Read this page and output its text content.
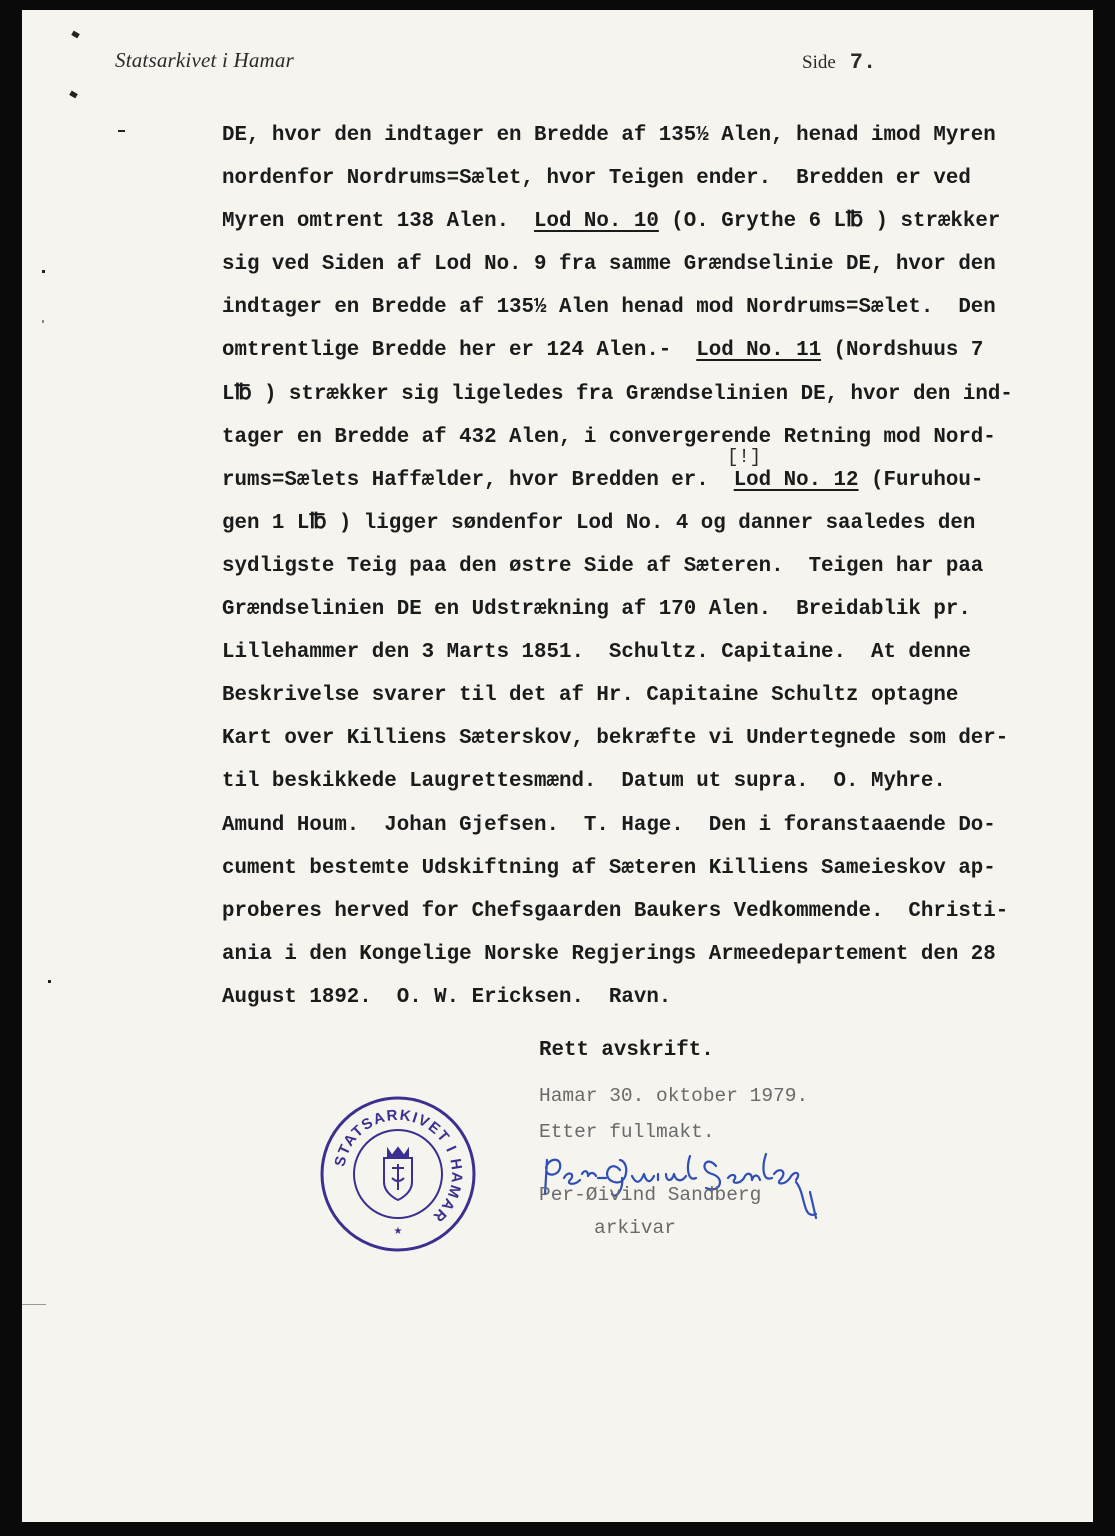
Statsarkivet i Hamar	Side 7.
DE, hvor den indtager en Bredde af 135½ Alen, henad imod Myren
nordenfor Nordrums=Sælet, hvor Teigen ender.  Bredden er ved
Myren omtrent 138 Alen.  Lod No. 10 (O. Grythe 6 L℔ ) strækker
sig ved Siden af Lod No. 9 fra samme Grændselinie DE, hvor den
indtager en Bredde af 135½ Alen henad mod Nordrums=Sælet.  Den
omtrentlige Bredde her er 124 Alen.-  Lod No. 11 (Nordshuus 7
L℔ ) strækker sig ligeledes fra Grændselinien DE, hvor den ind-
tager en Bredde af 432 Alen, i convergerende Retning mod Nord-
rums=Sælets Haffælder, hvor Bredden er.  Lod No. 12 (Furuhou-
gen 1 L℔ ) ligger søndenfor Lod No. 4 og danner saaledes den
sydligste Teig paa den østre Side af Sæteren.  Teigen har paa
Grændselinien DE en Udstrækning af 170 Alen.  Breidablik pr.
Lillehammer den 3 Marts 1851.  Schultz. Capitaine.  At denne
Beskrivelse svarer til det af Hr. Capitaine Schultz optagne
Kart over Killiens Sæterskov, bekræfte vi Undertegnede som der-
til beskikkede Laugrettesmænd.  Datum ut supra.  O. Myhre.
Amund Houm.  Johan Gjefsen.  T. Hage.  Den i foranstaaende Do-
cument bestemte Udskiftning af Sæteren Killiens Sameieskov ap-
proberes herved for Chefsgaarden Baukers Vedkommende.  Christi-
ania i den Kongelige Norske Regjerings Armeedepartement den 28
August 1892.  O. W. Ericksen.  Ravn.
[!]
Rett avskrift.
Hamar 30. oktober 1979.
Etter fullmakt.
Per-Øivind Sandberg
Per-Øivind Sandberg
arkivar
STATSARKIVET I HAMAR
★
